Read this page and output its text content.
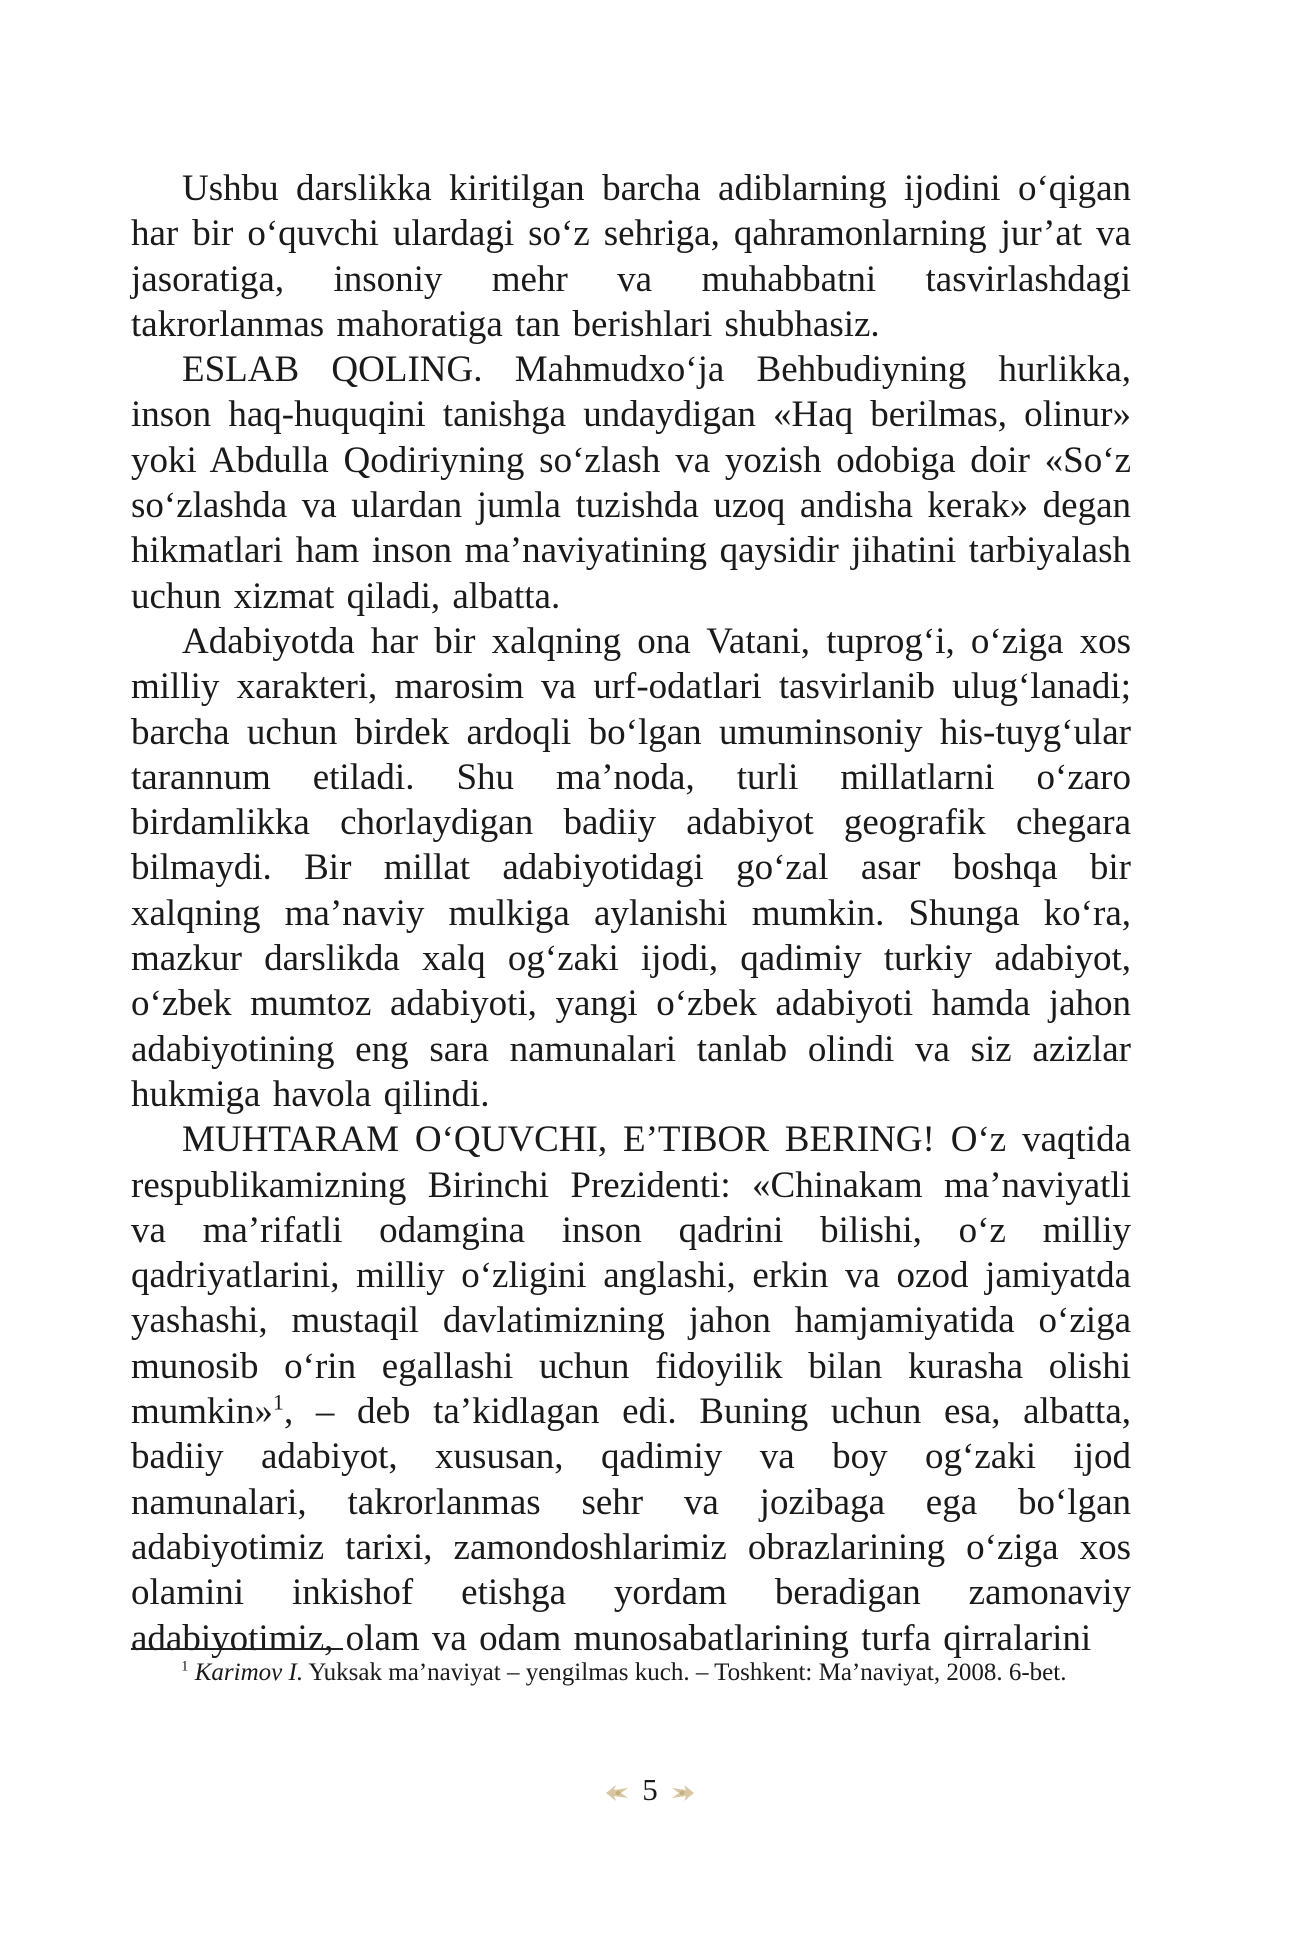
Ushbu darslikka kiritilgan barcha adiblarning ijodini o‘qigan har bir o‘quvchi ulardagi so‘z sehriga, qahramonlarning jur’at va jasoratiga, insoniy mehr va muhabbatni tasvirlashdagi takrorlanmas mahoratiga tan berishlari shubhasiz.

ESLAB QOLING. Mahmudxo‘ja Behbudiyning hurlikka, inson haq-huquqini tanishga undaydigan «Haq berilmas, olinur» yoki Abdulla Qodiriyning so‘zlash va yozish odobiga doir «So‘z so‘zlashda va ulardan jumla tuzishda uzoq andisha kerak» degan hikmatlari ham inson ma’naviyatining qaysidir jihatini tarbiyalash uchun xizmat qiladi, albatta.

Adabiyotda har bir xalqning ona Vatani, tuprog‘i, o‘ziga xos milliy xarakteri, marosim va urf-odatlari tasvirlanib ulug‘lanadi; barcha uchun birdek ardoqli bo‘lgan umuminsoniy his-tuyg‘ular tarannum etiladi. Shu ma’noda, turli millatlarni o‘zaro birdamlikka chorlaydigan badiiy adabiyot geografik chegara bilmaydi. Bir millat adabiyotidagi go‘zal asar boshqa bir xalqning ma’naviy mulkiga aylanishi mumkin. Shunga ko‘ra, mazkur darslikda xalq og‘zaki ijodi, qadimiy turkiy adabiyot, o‘zbek mumtoz adabiyoti, yangi o‘zbek adabiyoti hamda jahon adabiyotining eng sara namunalari tanlab olindi va siz azizlar hukmiga havola qilindi.

MUHTARAM O‘QUVCHI, E’TIBOR BERING! O‘z vaqtida respublikamizning Birinchi Prezidenti: «Chinakam ma’naviyatli va ma’rifatli odamgina inson qadrini bilishi, o‘z milliy qadriyatlarini, milliy o‘zligini anglashi, erkin va ozod jamiyatda yashashi, mustaqil davlatimizning jahon hamjamiyatida o‘ziga munosib o‘rin egallashi uchun fidoyilik bilan kurasha olishi mumkin»$^1$, – deb ta’kidlagan edi. Buning uchun esa, albatta, badiiy adabiyot, xususan, qadimiy va boy og‘zaki ijod namunalari, takrorlanmas sehr va jozibaga ega bo‘lgan adabiyotimiz tarixi, zamondoshlarimiz obrazlarining o‘ziga xos olamini inkishof etishga yordam beradigan zamonaviy adabiyotimiz, olam va odam munosabatlarining turfa qirralarini

$^1$ Karimov I. Yuksak ma’naviyat – yengilmas kuch. – Toshkent: Ma’naviyat, 2008. 6-bet.

5
